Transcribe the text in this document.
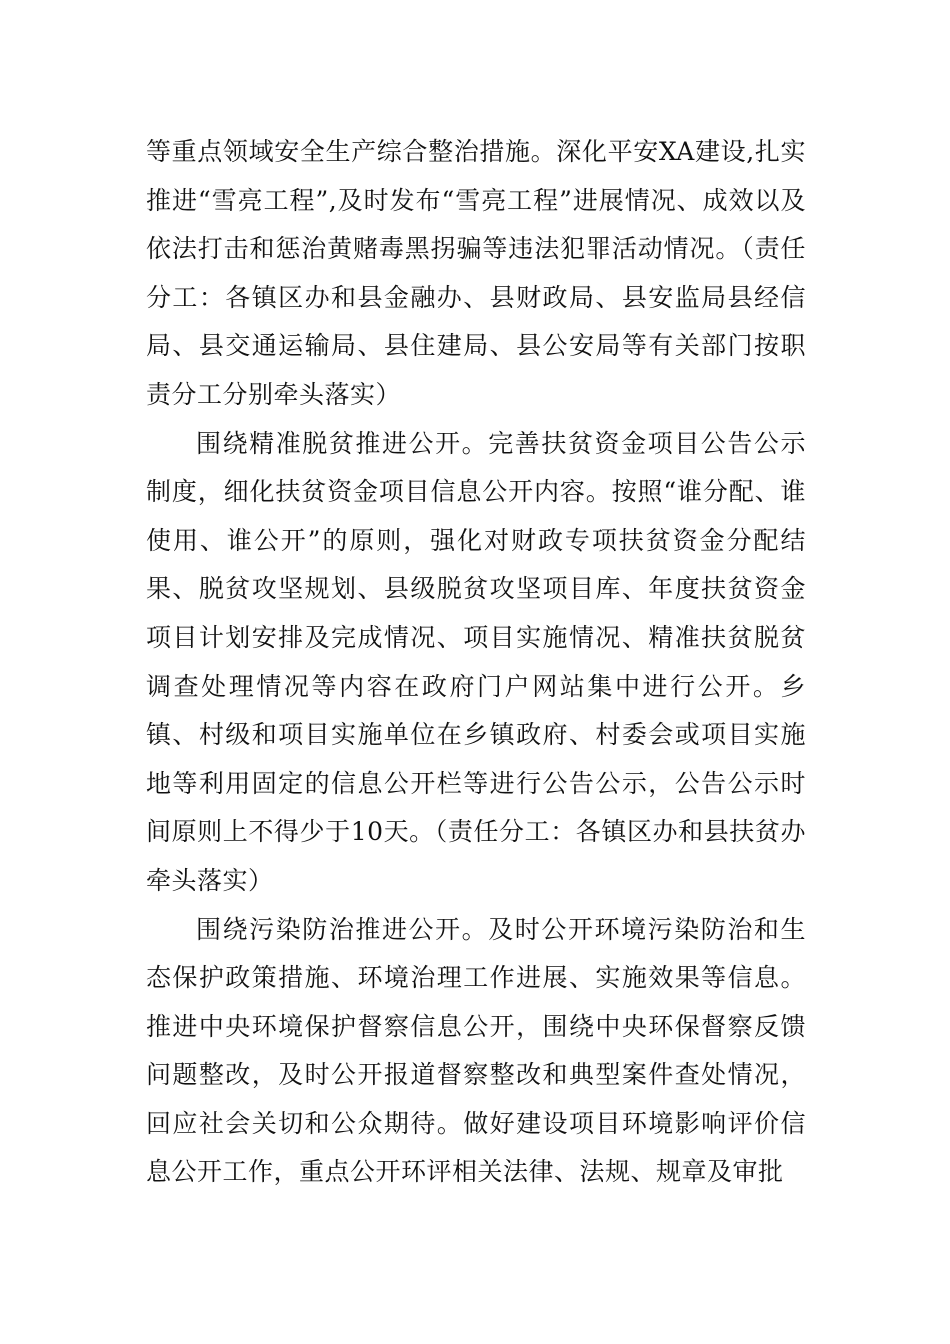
等重点领域安全生产综合整治措施。深化平安XA建设,扎实推进“雪亮工程”,及时发布“雪亮工程”进展情况、成效以及依法打击和惩治黄赌毒黑拐骗等违法犯罪活动情况。（责任分工：各镇区办和县金融办、县财政局、县安监局县经信局、县交通运输局、县住建局、县公安局等有关部门按职责分工分别牵头落实）

围绕精准脱贫推进公开。完善扶贫资金项目公告公示制度，细化扶贫资金项目信息公开内容。按照“谁分配、谁使用、谁公开”的原则，强化对财政专项扶贫资金分配结果、脱贫攻坚规划、县级脱贫攻坚项目库、年度扶贫资金项目计划安排及完成情况、项目实施情况、精准扶贫脱贫调查处理情况等内容在政府门户网站集中进行公开。乡镇、村级和项目实施单位在乡镇政府、村委会或项目实施地等利用固定的信息公开栏等进行公告公示，公告公示时间原则上不得少于10天。（责任分工：各镇区办和县扶贫办牵头落实）

围绕污染防治推进公开。及时公开环境污染防治和生态保护政策措施、环境治理工作进展、实施效果等信息。推进中央环境保护督察信息公开，围绕中央环保督察反馈问题整改，及时公开报道督察整改和典型案件查处情况，回应社会关切和公众期待。做好建设项目环境影响评价信息公开工作，重点公开环评相关法律、法规、规章及审批
